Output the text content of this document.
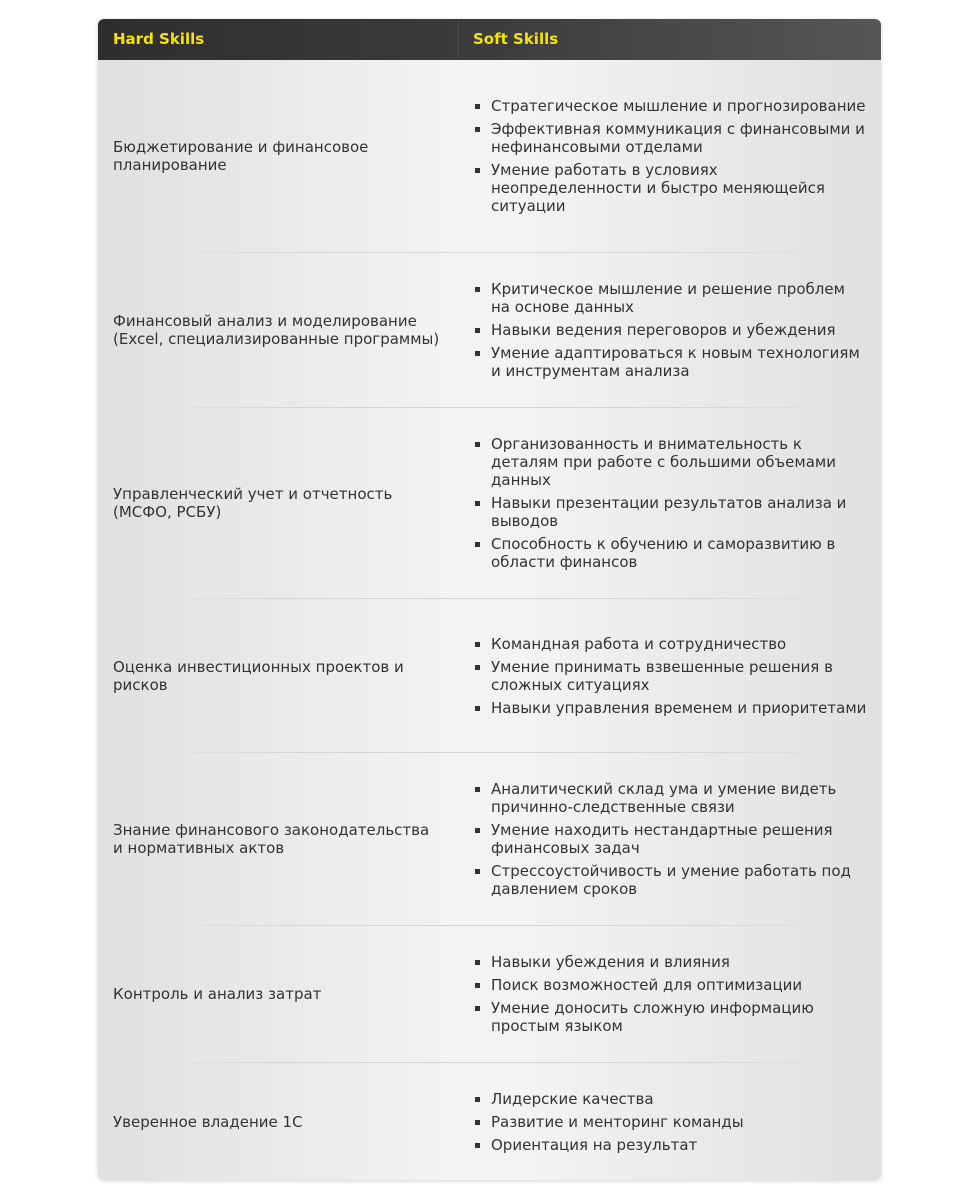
Hard Skills	Soft Skills
Бюджетирование и финансовое планирование
Стратегическое мышление и прогнозирование
Эффективная коммуникация с финансовыми и нефинансовыми отделами
Умение работать в условиях неопределенности и быстро меняющейся ситуации
Финансовый анализ и моделирование (Excel, специализированные программы)
Критическое мышление и решение проблем на основе данных
Навыки ведения переговоров и убеждения
Умение адаптироваться к новым технологиям и инструментам анализа
Управленческий учет и отчетность (МСФО, РСБУ)
Организованность и внимательность к деталям при работе с большими объемами данных
Навыки презентации результатов анализа и выводов
Способность к обучению и саморазвитию в области финансов
Оценка инвестиционных проектов и рисков
Командная работа и сотрудничество
Умение принимать взвешенные решения в сложных ситуациях
Навыки управления временем и приоритетами
Знание финансового законодательства и нормативных актов
Аналитический склад ума и умение видеть причинно-следственные связи
Умение находить нестандартные решения финансовых задач
Стрессоустойчивость и умение работать под давлением сроков
Контроль и анализ затрат
Навыки убеждения и влияния
Поиск возможностей для оптимизации
Умение доносить сложную информацию простым языком
Уверенное владение 1С
Лидерские качества
Развитие и менторинг команды
Ориентация на результат
